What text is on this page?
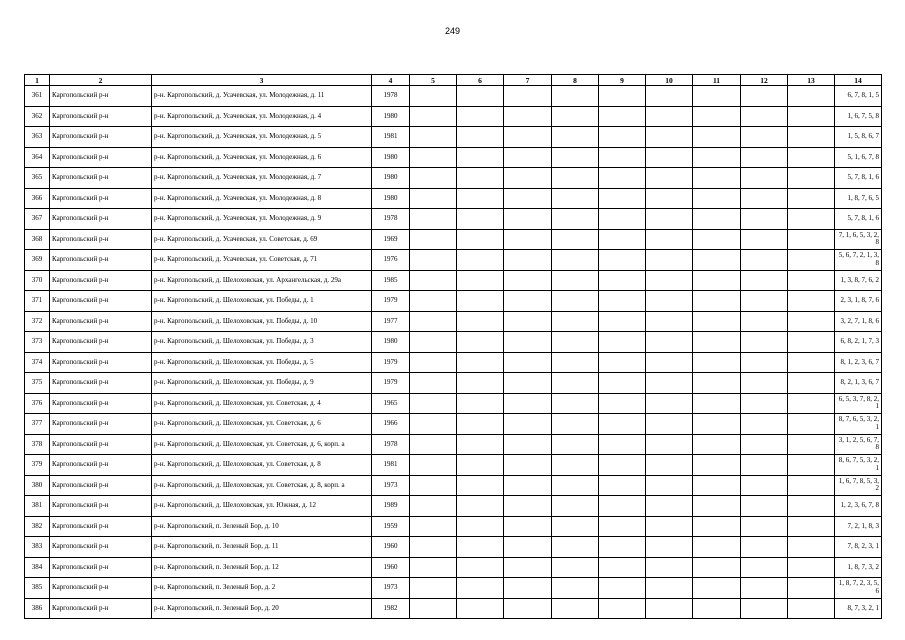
249
1	2	3	4	5	6	7	8	9	10	11	12	13	14
361	Каргопольский р-н	р-н. Каргопольский, д. Усачевская, ул. Молодежная, д. 11	1978										6, 7, 8, 1, 5
362	Каргопольский р-н	р-н. Каргопольский, д. Усачевская, ул. Молодежная, д. 4	1980										1, 6, 7, 5, 8
363	Каргопольский р-н	р-н. Каргопольский, д. Усачевская, ул. Молодежная, д. 5	1981										1, 5, 8, 6, 7
364	Каргопольский р-н	р-н. Каргопольский, д. Усачевская, ул. Молодежная, д. 6	1980										5, 1, 6, 7, 8
365	Каргопольский р-н	р-н. Каргопольский, д. Усачевская, ул. Молодежная, д. 7	1980										5, 7, 8, 1, 6
366	Каргопольский р-н	р-н. Каргопольский, д. Усачевская, ул. Молодежная, д. 8	1980										1, 8, 7, 6, 5
367	Каргопольский р-н	р-н. Каргопольский, д. Усачевская, ул. Молодежная, д. 9	1978										5, 7, 8, 1, 6
368	Каргопольский р-н	р-н. Каргопольский, д. Усачевская, ул. Советская, д. 69	1969										7, 1, 6, 5, 3, 2, 8
369	Каргопольский р-н	р-н. Каргопольский, д. Усачевская, ул. Советская, д. 71	1976										5, 6, 7, 2, 1, 3, 8
370	Каргопольский р-н	р-н. Каргопольский, д. Шелоховская, ул. Архангельская, д. 29а	1985										1, 3, 8, 7, 6, 2
371	Каргопольский р-н	р-н. Каргопольский, д. Шелоховская, ул. Победы, д. 1	1979										2, 3, 1, 8, 7, 6
372	Каргопольский р-н	р-н. Каргопольский, д. Шелоховская, ул. Победы, д. 10	1977										3, 2, 7, 1, 8, 6
373	Каргопольский р-н	р-н. Каргопольский, д. Шелоховская, ул. Победы, д. 3	1980										6, 8, 2, 1, 7, 3
374	Каргопольский р-н	р-н. Каргопольский, д. Шелоховская, ул. Победы, д. 5	1979										8, 1, 2, 3, 6, 7
375	Каргопольский р-н	р-н. Каргопольский, д. Шелоховская, ул. Победы, д. 9	1979										8, 2, 1, 3, 6, 7
376	Каргопольский р-н	р-н. Каргопольский, д. Шелоховская, ул. Советская, д. 4	1965										6, 5, 3, 7, 8, 2, 1
377	Каргопольский р-н	р-н. Каргопольский, д. Шелоховская, ул. Советская, д. 6	1966										8, 7, 6, 5, 3, 2, 1
378	Каргопольский р-н	р-н. Каргопольский, д. Шелоховская, ул. Советская, д. 6, корп. а	1978										3, 1, 2, 5, 6, 7, 8
379	Каргопольский р-н	р-н. Каргопольский, д. Шелоховская, ул. Советская, д. 8	1981										8, 6, 7, 5, 3, 2, 1
380	Каргопольский р-н	р-н. Каргопольский, д. Шелоховская, ул. Советская, д. 8, корп. а	1973										1, 6, 7, 8, 5, 3, 2
381	Каргопольский р-н	р-н. Каргопольский, д. Шелоховская, ул. Южная, д. 12	1989										1, 2, 3, 6, 7, 8
382	Каргопольский р-н	р-н. Каргопольский, п. Зеленый Бор, д. 10	1959										7, 2, 1, 8, 3
383	Каргопольский р-н	р-н. Каргопольский, п. Зеленый Бор, д. 11	1960										7, 8, 2, 3, 1
384	Каргопольский р-н	р-н. Каргопольский, п. Зеленый Бор, д. 12	1960										1, 8, 7, 3, 2
385	Каргопольский р-н	р-н. Каргопольский, п. Зеленый Бор, д. 2	1973										1, 8, 7, 2, 3, 5, 6
386	Каргопольский р-н	р-н. Каргопольский, п. Зеленый Бор, д. 20	1982										8, 7, 3, 2, 1
